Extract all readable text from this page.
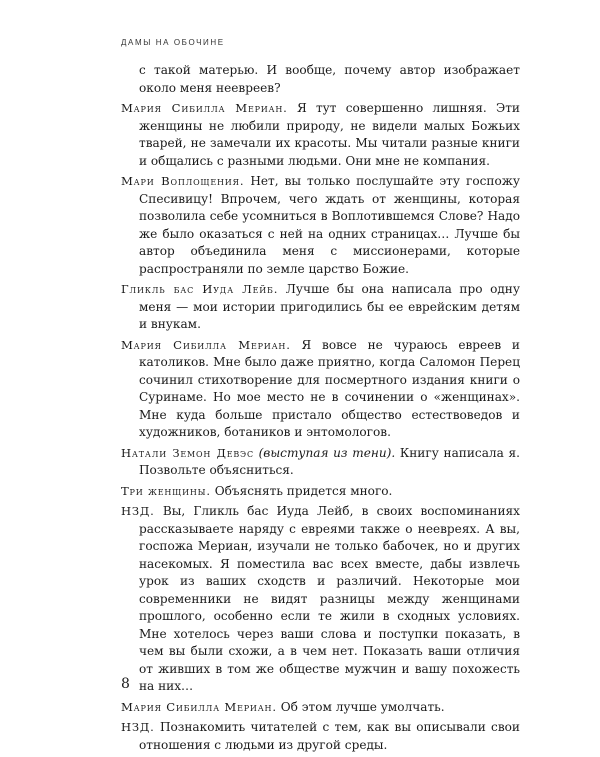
ДАМЫ НА ОБОЧИНЕ

с такой матерью. И вообще, почему автор изображает около меня неевреев?

Мария Сибилла Мериан. Я тут совершенно лишняя. Эти женщины не любили природу, не видели малых Божьих тварей, не замечали их красоты. Мы читали разные книги и общались с разными людьми. Они мне не компания.

Мари Воплощения. Нет, вы только послушайте эту госпожу Спесивицу! Впрочем, чего ждать от женщины, которая позволила себе усомниться в Воплотившемся Слове? Надо же было оказаться с ней на одних страницах… Лучше бы автор объединила меня с миссионерами, которые распространяли по земле царство Божие.

Гликль бас Иуда Лейб. Лучше бы она написала про одну меня — мои истории пригодились бы ее еврейским детям и внукам.

Мария Сибилла Мериан. Я вовсе не чураюсь евреев и католиков. Мне было даже приятно, когда Саломон Перец сочинил стихотворение для посмертного издания книги о Суринаме. Но мое место не в сочинении о «женщинах». Мне куда больше пристало общество естествоведов и художников, ботаников и энтомологов.

Натали Земон Девэс (выступая из тени). Книгу написала я. Позвольте объясниться.

Три женщины. Объяснять придется много.

НЗД. Вы, Гликль бас Иуда Лейб, в своих воспоминаниях рассказываете наряду с евреями также о неевреях. А вы, госпожа Мериан, изучали не только бабочек, но и других насекомых. Я поместила вас всех вместе, дабы извлечь урок из ваших сходств и различий. Некоторые мои современники не видят разницы между женщинами прошлого, особенно если те жили в сходных условиях. Мне хотелось через ваши слова и поступки показать, в чем вы были схожи, а в чем нет. Показать ваши отличия от живших в том же обществе мужчин и вашу похожесть на них…

Мария Сибилла Мериан. Об этом лучше умолчать.

НЗД. Познакомить читателей с тем, как вы описывали свои отношения с людьми из другой среды.

8
